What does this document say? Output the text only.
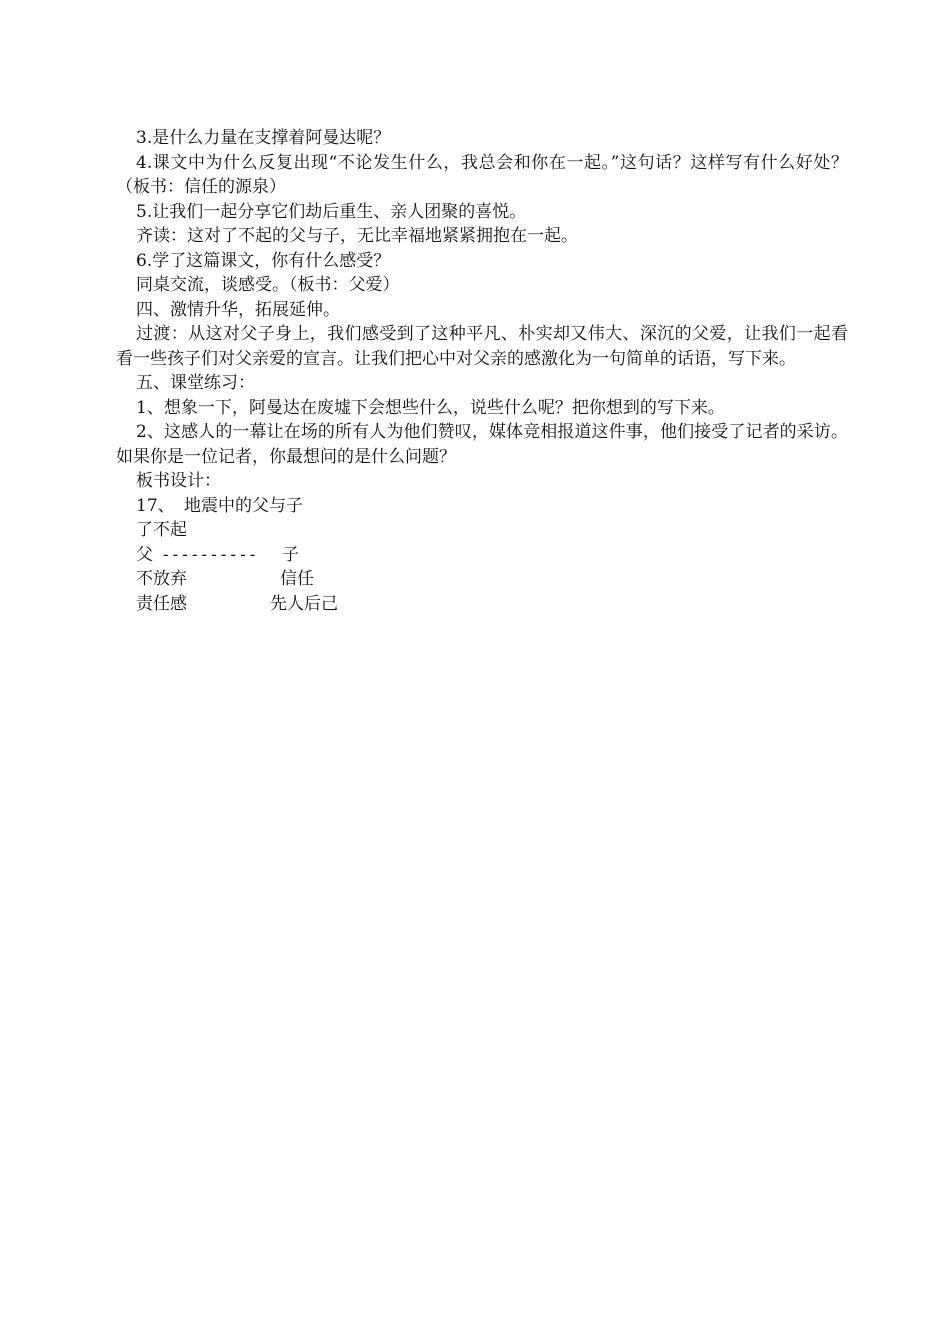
3.是什么力量在支撑着阿曼达呢？

4.课文中为什么反复出现“不论发生什么，我总会和你在一起。”这句话？这样写有什么好处？（板书：信任的源泉）

5.让我们一起分享它们劫后重生、亲人团聚的喜悦。
齐读：这对了不起的父与子，无比幸福地紧紧拥抱在一起。
6.学了这篇课文，你有什么感受？
同桌交流，谈感受。（板书：父爱）
四、激情升华，拓展延伸。

过渡：从这对父子身上，我们感受到了这种平凡、朴实却又伟大、深沉的父爱，让我们一起看看一些孩子们对父亲爱的宣言。让我们把心中对父亲的感激化为一句简单的话语，写下来。

五、课堂练习：
1、想象一下，阿曼达在废墟下会想些什么，说些什么呢？把你想到的写下来。

2、这感人的一幕让在场的所有人为他们赞叹，媒体竞相报道这件事，他们接受了记者的采访。如果你是一位记者，你最想问的是什么问题？

板书设计：
17、 地震中的父与子
了不起
父 ---------- 子
不放弃	信任
责任感	先人后己
